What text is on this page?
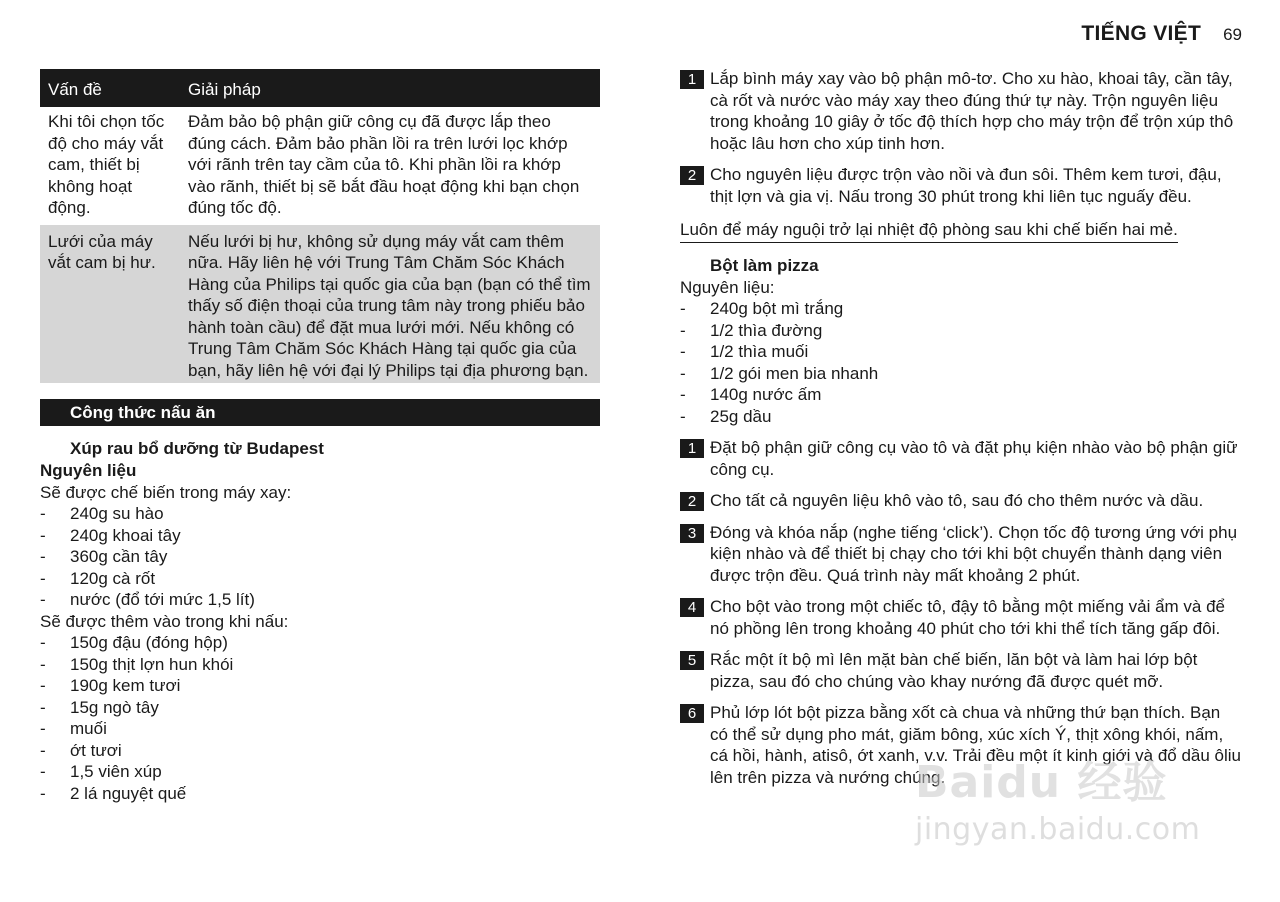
TIẾNG VIỆT 69
Vấn đề	Giải pháp
Khi tôi chọn tốc độ cho máy vắt cam, thiết bị không hoạt động.	Đảm bảo bộ phận giữ công cụ đã được lắp theo đúng cách. Đảm bảo phần lồi ra trên lưới lọc khớp với rãnh trên tay cầm của tô. Khi phần lồi ra khớp vào rãnh, thiết bị sẽ bắt đầu hoạt động khi bạn chọn đúng tốc độ.
Lưới của máy vắt cam bị hư.	Nếu lưới bị hư, không sử dụng máy vắt cam thêm nữa. Hãy liên hệ với Trung Tâm Chăm Sóc Khách Hàng của Philips tại quốc gia của bạn (bạn có thể tìm thấy số điện thoại của trung tâm này trong phiếu bảo hành toàn cầu) để đặt mua lưới mới. Nếu không có Trung Tâm Chăm Sóc Khách Hàng tại quốc gia của bạn, hãy liên hệ với đại lý Philips tại địa phương bạn.
Công thức nấu ăn
Xúp rau bổ dưỡng từ Budapest
Nguyên liệu
Sẽ được chế biến trong máy xay:
- 240g su hào
- 240g khoai tây
- 360g cần tây
- 120g cà rốt
- nước (đổ tới mức 1,5 lít)
Sẽ được thêm vào trong khi nấu:
- 150g đậu (đóng hộp)
- 150g thịt lợn hun khói
- 190g kem tươi
- 15g ngò tây
- muối
- ớt tươi
- 1,5 viên xúp
- 2 lá nguyệt quế
1 Lắp bình máy xay vào bộ phận mô-tơ. Cho xu hào, khoai tây, cần tây, cà rốt và nước vào máy xay theo đúng thứ tự này. Trộn nguyên liệu trong khoảng 10 giây ở tốc độ thích hợp cho máy trộn để trộn xúp thô hoặc lâu hơn cho xúp tinh hơn.
2 Cho nguyên liệu được trộn vào nồi và đun sôi. Thêm kem tươi, đậu, thịt lợn và gia vị. Nấu trong 30 phút trong khi liên tục nguấy đều.
Luôn để máy nguội trở lại nhiệt độ phòng sau khi chế biến hai mẻ.
Bột làm pizza
Nguyên liệu:
- 240g bột mì trắng
- 1/2 thìa đường
- 1/2 thìa muối
- 1/2 gói men bia nhanh
- 140g nước ấm
- 25g dầu
1 Đặt bộ phận giữ công cụ vào tô và đặt phụ kiện nhào vào bộ phận giữ công cụ.
2 Cho tất cả nguyên liệu khô vào tô, sau đó cho thêm nước và dầu.
3 Đóng và khóa nắp (nghe tiếng ‘click’). Chọn tốc độ tương ứng với phụ kiện nhào và để thiết bị chạy cho tới khi bột chuyển thành dạng viên được trộn đều. Quá trình này mất khoảng 2 phút.
4 Cho bột vào trong một chiếc tô, đậy tô bằng một miếng vải ẩm và để nó phồng lên trong khoảng 40 phút cho tới khi thể tích tăng gấp đôi.
5 Rắc một ít bộ mì lên mặt bàn chế biến, lăn bột và làm hai lớp bột pizza, sau đó cho chúng vào khay nướng đã được quét mỡ.
6 Phủ lớp lót bột pizza bằng xốt cà chua và những thứ bạn thích. Bạn có thể sử dụng pho mát, giăm bông, xúc xích Ý, thịt xông khói, nấm, cá hồi, hành, atisô, ớt xanh, v.v. Trải đều một ít kinh giới và đổ dầu ôliu lên trên pizza và nướng chúng.
Baidu 经验
jingyan.baidu.com
